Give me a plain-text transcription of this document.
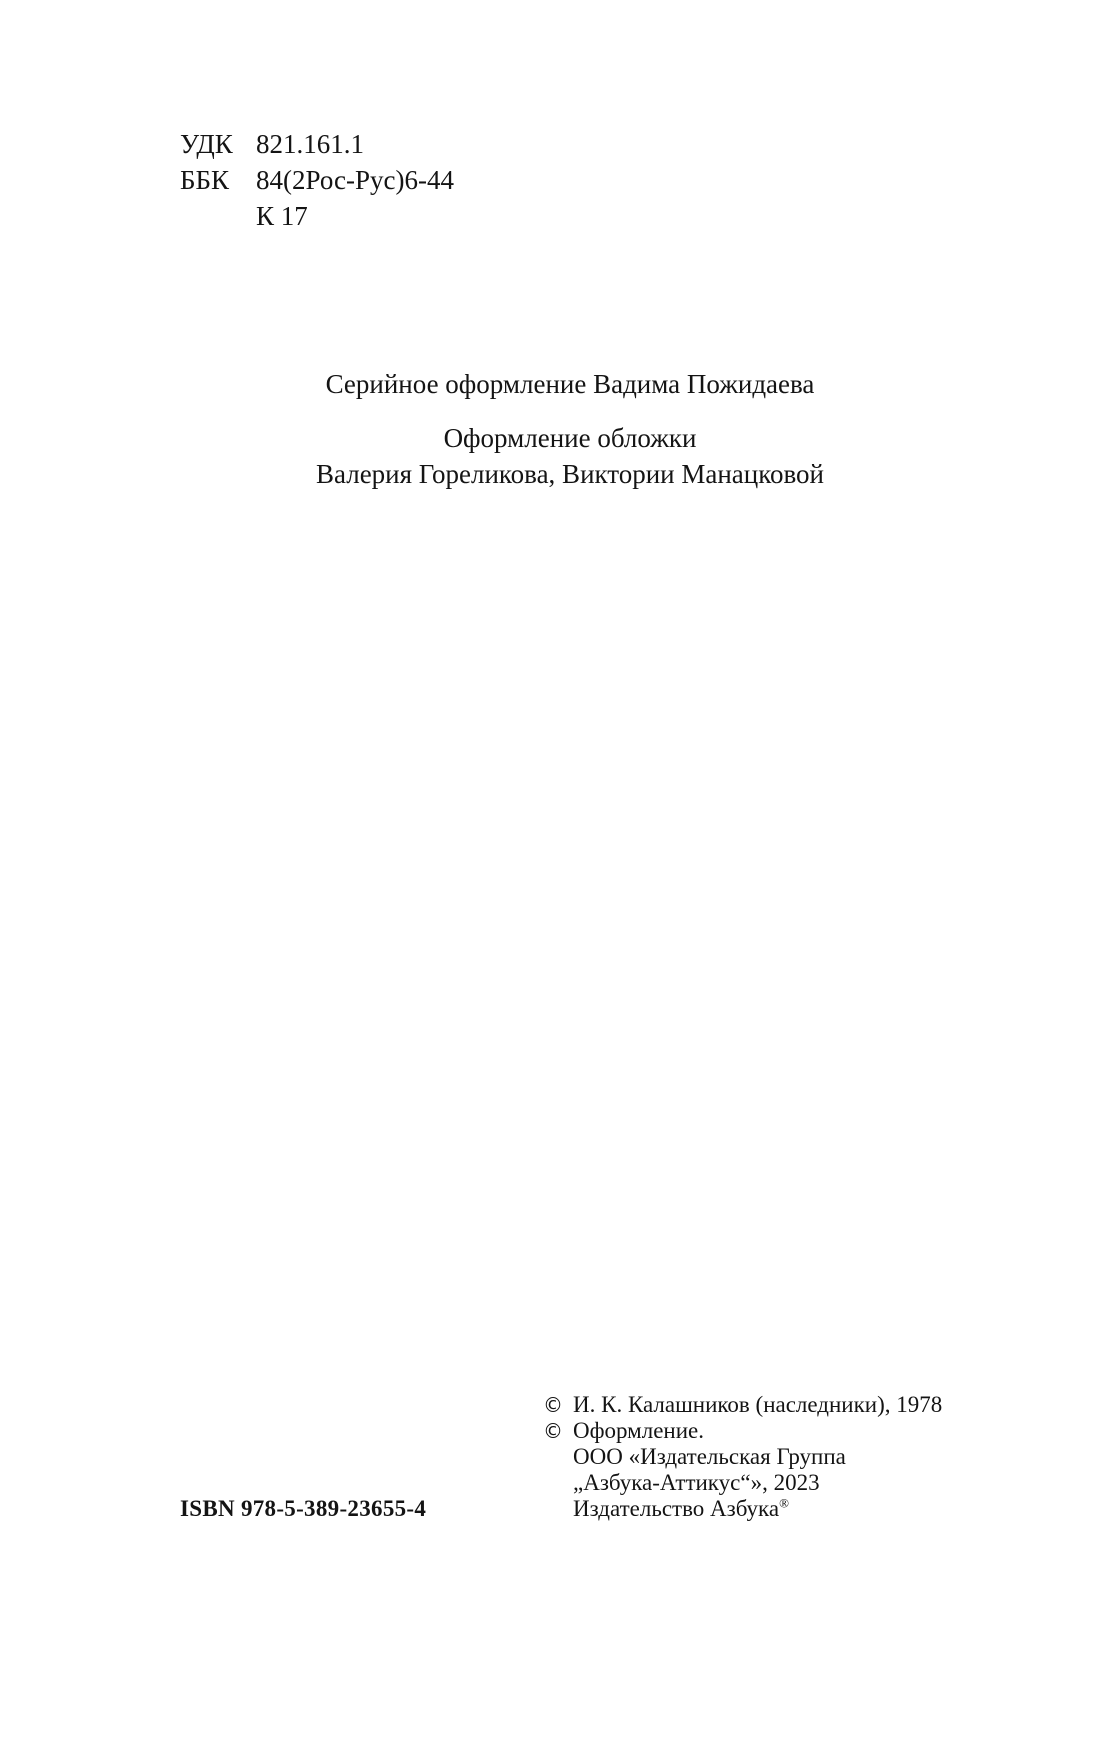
УДК 821.161.1
ББК 84(2Рос-Рус)6-44
К 17

Серийное оформление Вадима Пожидаева

Оформление обложки

Валерия Гореликова, Виктории Манацковой

ISBN 978-5-389-23655-4
© И. К. Калашников (наследники), 1978
© Оформление.
ООО «Издательская Группа
„Азбука-Аттикус“», 2023
Издательство Азбука®
